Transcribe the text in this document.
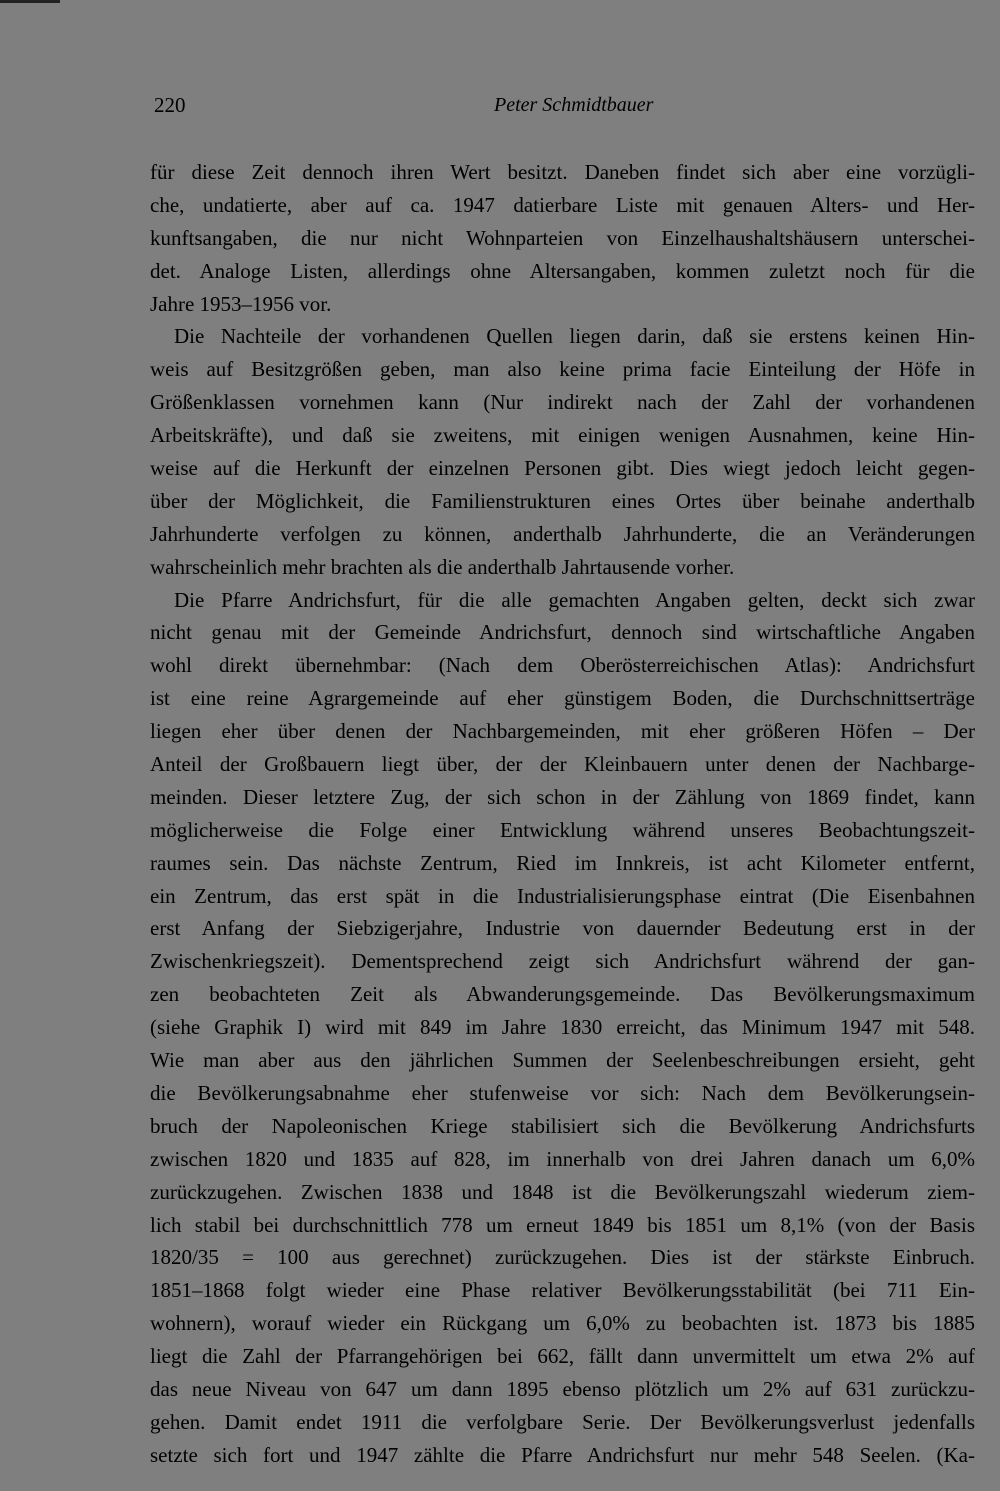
220	Peter Schmidtbauer
für diese Zeit dennoch ihren Wert besitzt. Daneben findet sich aber eine vorzügli-
che, undatierte, aber auf ca. 1947 datierbare Liste mit genauen Alters- und Her-
kunftsangaben, die nur nicht Wohnparteien von Einzelhaushaltshäusern unterschei-
det. Analoge Listen, allerdings ohne Altersangaben, kommen zuletzt noch für die
Jahre 1953–1956 vor.
Die Nachteile der vorhandenen Quellen liegen darin, daß sie erstens keinen Hin-
weis auf Besitzgrößen geben, man also keine prima facie Einteilung der Höfe in
Größenklassen vornehmen kann (Nur indirekt nach der Zahl der vorhandenen
Arbeitskräfte), und daß sie zweitens, mit einigen wenigen Ausnahmen, keine Hin-
weise auf die Herkunft der einzelnen Personen gibt. Dies wiegt jedoch leicht gegen-
über der Möglichkeit, die Familienstrukturen eines Ortes über beinahe anderthalb
Jahrhunderte verfolgen zu können, anderthalb Jahrhunderte, die an Veränderungen
wahrscheinlich mehr brachten als die anderthalb Jahrtausende vorher.
Die Pfarre Andrichsfurt, für die alle gemachten Angaben gelten, deckt sich zwar
nicht genau mit der Gemeinde Andrichsfurt, dennoch sind wirtschaftliche Angaben
wohl direkt übernehmbar: (Nach dem Oberösterreichischen Atlas): Andrichsfurt
ist eine reine Agrargemeinde auf eher günstigem Boden, die Durchschnittserträge
liegen eher über denen der Nachbargemeinden, mit eher größeren Höfen – Der
Anteil der Großbauern liegt über, der der Kleinbauern unter denen der Nachbarge-
meinden. Dieser letztere Zug, der sich schon in der Zählung von 1869 findet, kann
möglicherweise die Folge einer Entwicklung während unseres Beobachtungszeit-
raumes sein. Das nächste Zentrum, Ried im Innkreis, ist acht Kilometer entfernt,
ein Zentrum, das erst spät in die Industrialisierungsphase eintrat (Die Eisenbahnen
erst Anfang der Siebzigerjahre, Industrie von dauernder Bedeutung erst in der
Zwischenkriegszeit). Dementsprechend zeigt sich Andrichsfurt während der gan-
zen beobachteten Zeit als Abwanderungsgemeinde. Das Bevölkerungsmaximum
(siehe Graphik I) wird mit 849 im Jahre 1830 erreicht, das Minimum 1947 mit 548.
Wie man aber aus den jährlichen Summen der Seelenbeschreibungen ersieht, geht
die Bevölkerungsabnahme eher stufenweise vor sich: Nach dem Bevölkerungsein-
bruch der Napoleonischen Kriege stabilisiert sich die Bevölkerung Andrichsfurts
zwischen 1820 und 1835 auf 828, im innerhalb von drei Jahren danach um 6,0%
zurückzugehen. Zwischen 1838 und 1848 ist die Bevölkerungszahl wiederum ziem-
lich stabil bei durchschnittlich 778 um erneut 1849 bis 1851 um 8,1% (von der Basis
1820/35 = 100 aus gerechnet) zurückzugehen. Dies ist der stärkste Einbruch.
1851–1868 folgt wieder eine Phase relativer Bevölkerungsstabilität (bei 711 Ein-
wohnern), worauf wieder ein Rückgang um 6,0% zu beobachten ist. 1873 bis 1885
liegt die Zahl der Pfarrangehörigen bei 662, fällt dann unvermittelt um etwa 2% auf
das neue Niveau von 647 um dann 1895 ebenso plötzlich um 2% auf 631 zurückzu-
gehen. Damit endet 1911 die verfolgbare Serie. Der Bevölkerungsverlust jedenfalls
setzte sich fort und 1947 zählte die Pfarre Andrichsfurt nur mehr 548 Seelen. (Ka-
